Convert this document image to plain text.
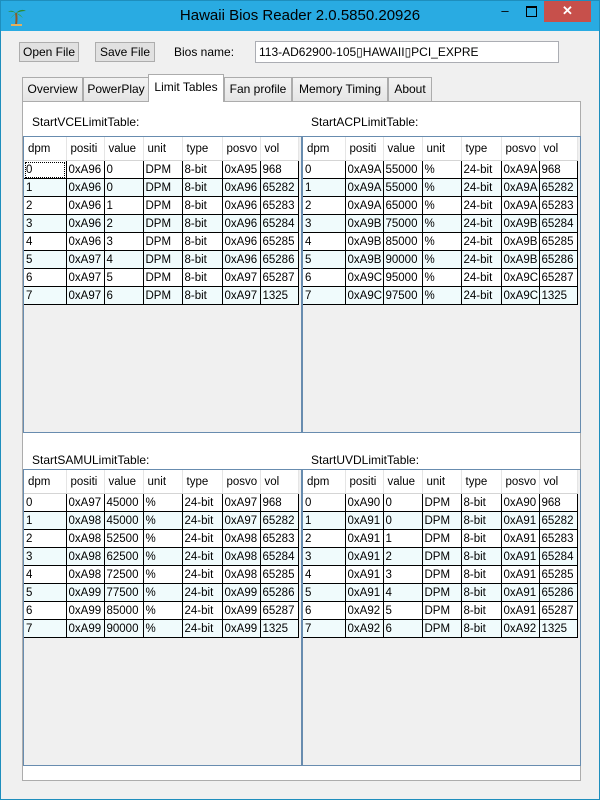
Hawaii Bios Reader 2.0.5850.20926	–	✕
Open File	Save File	Bios name:	113-AD62900-105▯HAWAII▯PCI_EXPRE
Overview PowerPlay Limit Tables	Fan profile	Memory Timing	About
StartVCELimitTable:
dpm	positi	value	unit	type	posvo	vol
0	0xA96	0	DPM	8-bit	0xA95	968
1	0xA96	0	DPM	8-bit	0xA96	65282
2	0xA96	1	DPM	8-bit	0xA96	65283
3	0xA96	2	DPM	8-bit	0xA96	65284
4	0xA96	3	DPM	8-bit	0xA96	65285
5	0xA97	4	DPM	8-bit	0xA96	65286
6	0xA97	5	DPM	8-bit	0xA97	65287
7	0xA97	6	DPM	8-bit	0xA97	1325
StartACPLimitTable:
dpm	positi	value	unit	type	posvo	vol
0	0xA9A	55000	%	24-bit	0xA9A	968
1	0xA9A	55000	%	24-bit	0xA9A	65282
2	0xA9A	65000	%	24-bit	0xA9A	65283
3	0xA9B	75000	%	24-bit	0xA9B	65284
4	0xA9B	85000	%	24-bit	0xA9B	65285
5	0xA9B	90000	%	24-bit	0xA9B	65286
6	0xA9C	95000	%	24-bit	0xA9C	65287
7	0xA9C	97500	%	24-bit	0xA9C	1325
StartSAMULimitTable:
dpm	positi	value	unit	type	posvo	vol
0	0xA97	45000	%	24-bit	0xA97	968
1	0xA98	45000	%	24-bit	0xA97	65282
2	0xA98	52500	%	24-bit	0xA98	65283
3	0xA98	62500	%	24-bit	0xA98	65284
4	0xA98	72500	%	24-bit	0xA98	65285
5	0xA99	77500	%	24-bit	0xA99	65286
6	0xA99	85000	%	24-bit	0xA99	65287
7	0xA99	90000	%	24-bit	0xA99	1325
StartUVDLimitTable:
dpm	positi	value	unit	type	posvo	vol
0	0xA90	0	DPM	8-bit	0xA90	968
1	0xA91	0	DPM	8-bit	0xA91	65282
2	0xA91	1	DPM	8-bit	0xA91	65283
3	0xA91	2	DPM	8-bit	0xA91	65284
4	0xA91	3	DPM	8-bit	0xA91	65285
5	0xA91	4	DPM	8-bit	0xA91	65286
6	0xA92	5	DPM	8-bit	0xA91	65287
7	0xA92	6	DPM	8-bit	0xA92	1325
